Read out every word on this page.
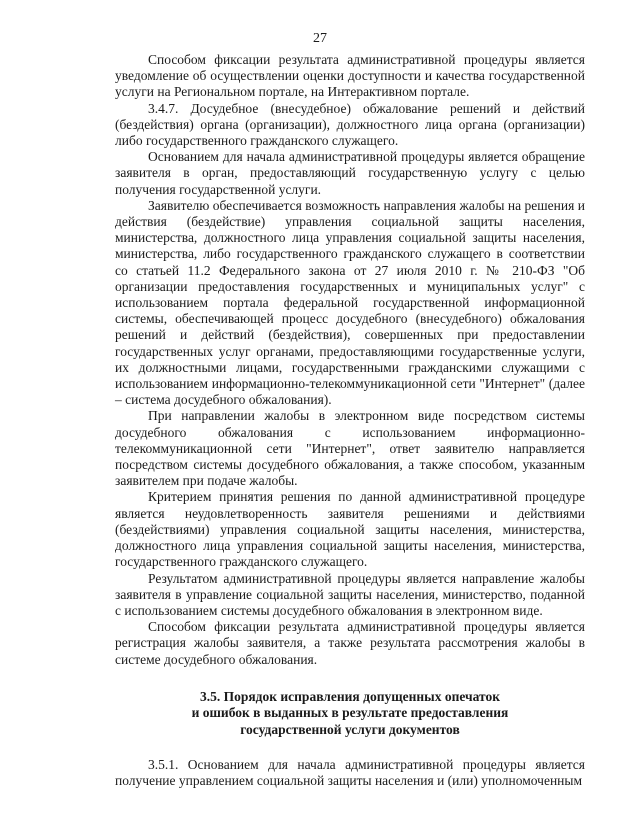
27

Способом фиксации результата административной процедуры является уведомление об осуществлении оценки доступности и качества государственной услуги на Региональном портале, на Интерактивном портале.

3.4.7. Досудебное (внесудебное) обжалование решений и действий (бездействия) органа (организации), должностного лица органа (организации) либо государственного гражданского служащего.

Основанием для начала административной процедуры является обращение заявителя в орган, предоставляющий государственную услугу с целью получения государственной услуги.

Заявителю обеспечивается возможность направления жалобы на решения и действия (бездействие) управления социальной защиты населения, министерства, должностного лица управления социальной защиты населения, министерства, либо государственного гражданского служащего в соответствии со статьей 11.2 Федерального закона от 27 июля 2010 г. № 210-ФЗ "Об организации предоставления государственных и муниципальных услуг" с использованием портала федеральной государственной информационной системы, обеспечивающей процесс досудебного (внесудебного) обжалования решений и действий (бездействия), совершенных при предоставлении государственных услуг органами, предоставляющими государственные услуги, их должностными лицами, государственными гражданскими служащими с использованием информационно-телекоммуникационной сети "Интернет" (далее – система досудебного обжалования).

При направлении жалобы в электронном виде посредством системы досудебного обжалования с использованием информационно-телекоммуникационной сети "Интернет", ответ заявителю направляется посредством системы досудебного обжалования, а также способом, указанным заявителем при подаче жалобы.

Критерием принятия решения по данной административной процедуре является неудовлетворенность заявителя решениями и действиями (бездействиями) управления социальной защиты населения, министерства, должностного лица управления социальной защиты населения, министерства, государственного гражданского служащего.

Результатом административной процедуры является направление жалобы заявителя в управление социальной защиты населения, министерство, поданной с использованием системы досудебного обжалования в электронном виде.

Способом фиксации результата административной процедуры является регистрация жалобы заявителя, а также результата рассмотрения жалобы в системе досудебного обжалования.

3.5. Порядок исправления допущенных опечаток
и ошибок в выданных в результате предоставления
государственной услуги документов

3.5.1. Основанием для начала административной процедуры является получение управлением социальной защиты населения и (или) уполномоченным
